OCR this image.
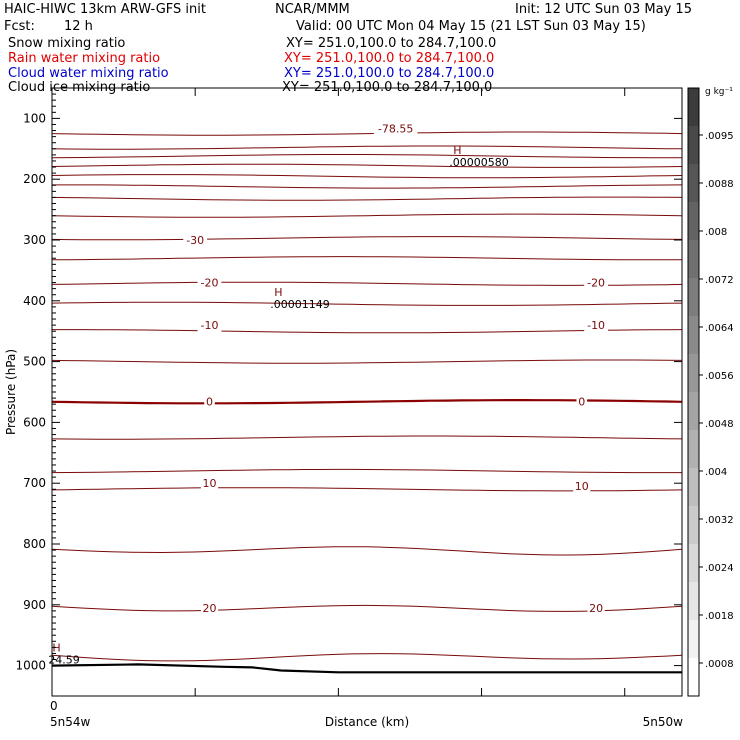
HAIC-HIWC 13km ARW-GFS init	NCAR/MMM	Init: 12 UTC Sun 03 May 15
Fcst: 12 h	Valid: 00 UTC Mon 04 May 15 (21 LST Sun 03 May 15)
Snow mixing ratio	XY= 251.0,100.0 to 284.7,100.0
Rain water mixing ratio	XY= 251.0,100.0 to 284.7,100.0
Cloud water mixing ratio	XY= 251.0,100.0 to 284.7,100.0
Cloud ice mixing ratio	XY= 251.0,100.0 to 284.7,100.0
-78.55
-30
-20	-20
-10	-10
0	0
10	10
20	20
H
.00000580
H
.00001149
H
24.59
100
200
300
400
500
600
700
800
900
1000
0
5n54w	5n50w
Distance (km)
Pressure (hPa)
.0095
.0088
.008
.0072
.0064
.0056
.0048
.004
.0032
.0024
.0018
.0008
g kg⁻¹
